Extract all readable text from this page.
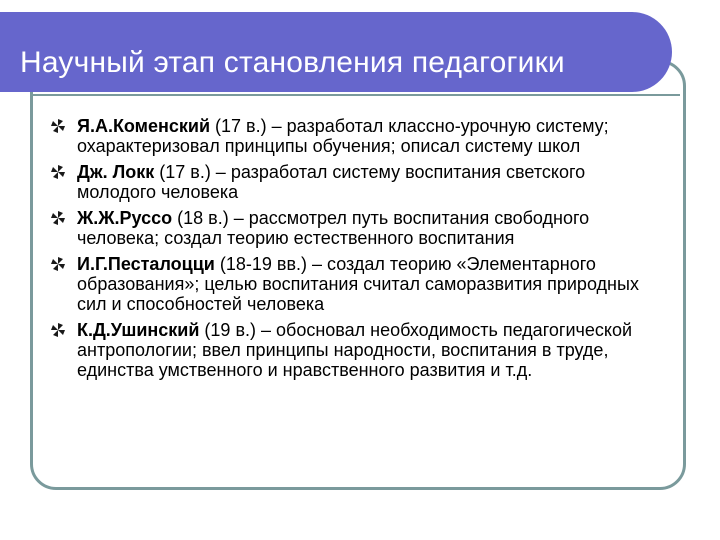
Научный этап становления педагогики
Я.А.Коменский (17 в.) – разработал классно-урочную систему; охарактеризовал принципы обучения; описал систему школ
Дж. Локк (17 в.) – разработал систему воспитания светского молодого человека
Ж.Ж.Руссо (18 в.) – рассмотрел путь воспитания свободного человека; создал теорию естественного воспитания
И.Г.Песталоцци (18-19 вв.) – создал теорию «Элементарного образования»; целью воспитания считал саморазвития природных сил и способностей человека
К.Д.Ушинский (19 в.) – обосновал необходимость педагогической антропологии; ввел принципы народности, воспитания в труде, единства умственного и нравственного развития и т.д.
